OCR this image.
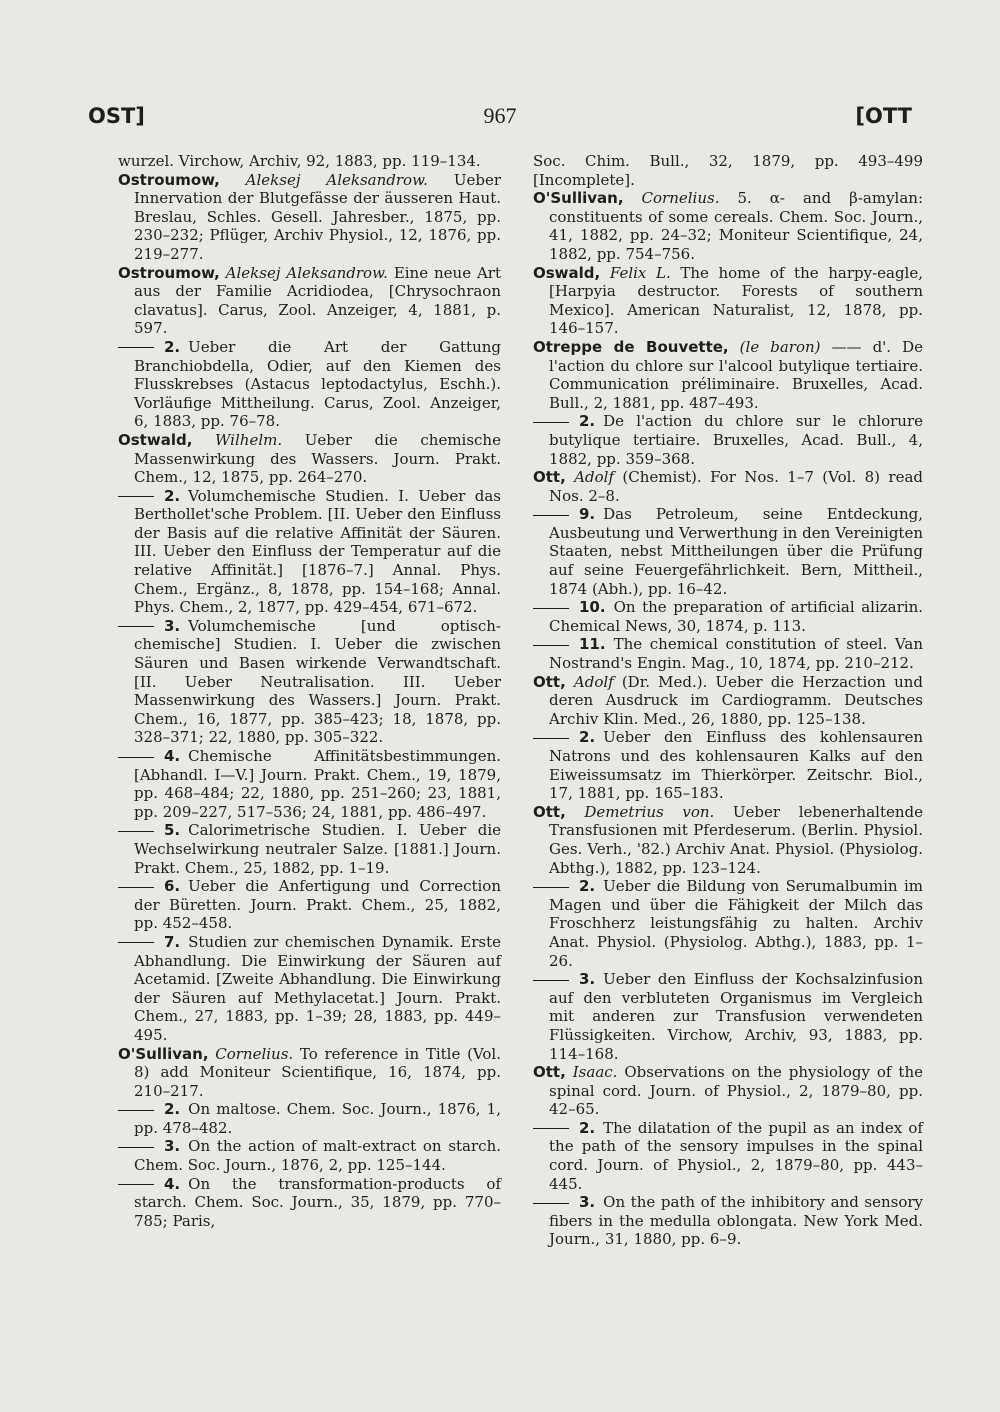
OST]	967	[OTT

wurzel. Virchow, Archiv, 92, 1883, pp. 119–134.

Ostroumow, Aleksej Aleksandrow. Ueber Innervation der Blutgefässe der äusseren Haut. Breslau, Schles. Gesell. Jahresber., 1875, pp. 230–232; Pflüger, Archiv Physiol., 12, 1876, pp. 219–277.

Ostroumow, Aleksej Aleksandrow. Eine neue Art aus der Familie Acridiodea, [Chrysochraon clavatus]. Carus, Zool. Anzeiger, 4, 1881, p. 597.

2. Ueber die Art der Gattung Branchiobdella, Odier, auf den Kiemen des Flusskrebses (Astacus leptodactylus, Eschh.). Vorläufige Mittheilung. Carus, Zool. Anzeiger, 6, 1883, pp. 76–78.

Ostwald, Wilhelm. Ueber die chemische Massenwirkung des Wassers. Journ. Prakt. Chem., 12, 1875, pp. 264–270.

2. Volumchemische Studien. I. Ueber das Berthollet'sche Problem. [II. Ueber den Einfluss der Basis auf die relative Affinität der Säuren. III. Ueber den Einfluss der Temperatur auf die relative Affinität.] [1876–7.] Annal. Phys. Chem., Ergänz., 8, 1878, pp. 154–168; Annal. Phys. Chem., 2, 1877, pp. 429–454, 671–672.

3. Volumchemische [und optisch-chemische] Studien. I. Ueber die zwischen Säuren und Basen wirkende Verwandtschaft. [II. Ueber Neutralisation. III. Ueber Massenwirkung des Wassers.] Journ. Prakt. Chem., 16, 1877, pp. 385–423; 18, 1878, pp. 328–371; 22, 1880, pp. 305–322.

4. Chemische Affinitätsbestimmungen. [Abhandl. I—V.] Journ. Prakt. Chem., 19, 1879, pp. 468–484; 22, 1880, pp. 251–260; 23, 1881, pp. 209–227, 517–536; 24, 1881, pp. 486–497.

5. Calorimetrische Studien. I. Ueber die Wechselwirkung neutraler Salze. [1881.] Journ. Prakt. Chem., 25, 1882, pp. 1–19.

6. Ueber die Anfertigung und Correction der Büretten. Journ. Prakt. Chem., 25, 1882, pp. 452–458.

7. Studien zur chemischen Dynamik. Erste Abhandlung. Die Einwirkung der Säuren auf Acetamid. [Zweite Abhandlung. Die Einwirkung der Säuren auf Methylacetat.] Journ. Prakt. Chem., 27, 1883, pp. 1–39; 28, 1883, pp. 449–495.

O'Sullivan, Cornelius. To reference in Title (Vol. 8) add Moniteur Scientifique, 16, 1874, pp. 210–217.

2. On maltose. Chem. Soc. Journ., 1876, 1, pp. 478–482.

3. On the action of malt-extract on starch. Chem. Soc. Journ., 1876, 2, pp. 125–144.

4. On the transformation-products of starch. Chem. Soc. Journ., 35, 1879, pp. 770–785; Paris,

Soc. Chim. Bull., 32, 1879, pp. 493–499 [Incomplete].

O'Sullivan, Cornelius. 5. α- and β-amylan: constituents of some cereals. Chem. Soc. Journ., 41, 1882, pp. 24–32; Moniteur Scientifique, 24, 1882, pp. 754–756.

Oswald, Felix L. The home of the harpy-eagle, [Harpyia destructor. Forests of southern Mexico]. American Naturalist, 12, 1878, pp. 146–157.

Otreppe de Bouvette, (le baron) —— d'. De l'action du chlore sur l'alcool butylique tertiaire. Communication préliminaire. Bruxelles, Acad. Bull., 2, 1881, pp. 487–493.

2. De l'action du chlore sur le chlorure butylique tertiaire. Bruxelles, Acad. Bull., 4, 1882, pp. 359–368.

Ott, Adolf (Chemist). For Nos. 1–7 (Vol. 8) read Nos. 2–8.

9. Das Petroleum, seine Entdeckung, Ausbeutung und Verwerthung in den Vereinigten Staaten, nebst Mittheilungen über die Prüfung auf seine Feuergefährlichkeit. Bern, Mittheil., 1874 (Abh.), pp. 16–42.

10. On the preparation of artificial alizarin. Chemical News, 30, 1874, p. 113.

11. The chemical constitution of steel. Van Nostrand's Engin. Mag., 10, 1874, pp. 210–212.

Ott, Adolf (Dr. Med.). Ueber die Herzaction und deren Ausdruck im Cardiogramm. Deutsches Archiv Klin. Med., 26, 1880, pp. 125–138.

2. Ueber den Einfluss des kohlensauren Natrons und des kohlensauren Kalks auf den Eiweissumsatz im Thierkörper. Zeitschr. Biol., 17, 1881, pp. 165–183.

Ott, Demetrius von. Ueber lebenerhaltende Transfusionen mit Pferdeserum. (Berlin. Physiol. Ges. Verh., '82.) Archiv Anat. Physiol. (Physiolog. Abthg.), 1882, pp. 123–124.

2. Ueber die Bildung von Serumalbumin im Magen und über die Fähigkeit der Milch das Froschherz leistungsfähig zu halten. Archiv Anat. Physiol. (Physiolog. Abthg.), 1883, pp. 1–26.

3. Ueber den Einfluss der Kochsalzinfusion auf den verbluteten Organismus im Vergleich mit anderen zur Transfusion verwendeten Flüssigkeiten. Virchow, Archiv, 93, 1883, pp. 114–168.

Ott, Isaac. Observations on the physiology of the spinal cord. Journ. of Physiol., 2, 1879–80, pp. 42–65.

2. The dilatation of the pupil as an index of the path of the sensory impulses in the spinal cord. Journ. of Physiol., 2, 1879–80, pp. 443–445.

3. On the path of the inhibitory and sensory fibers in the medulla oblongata. New York Med. Journ., 31, 1880, pp. 6–9.
